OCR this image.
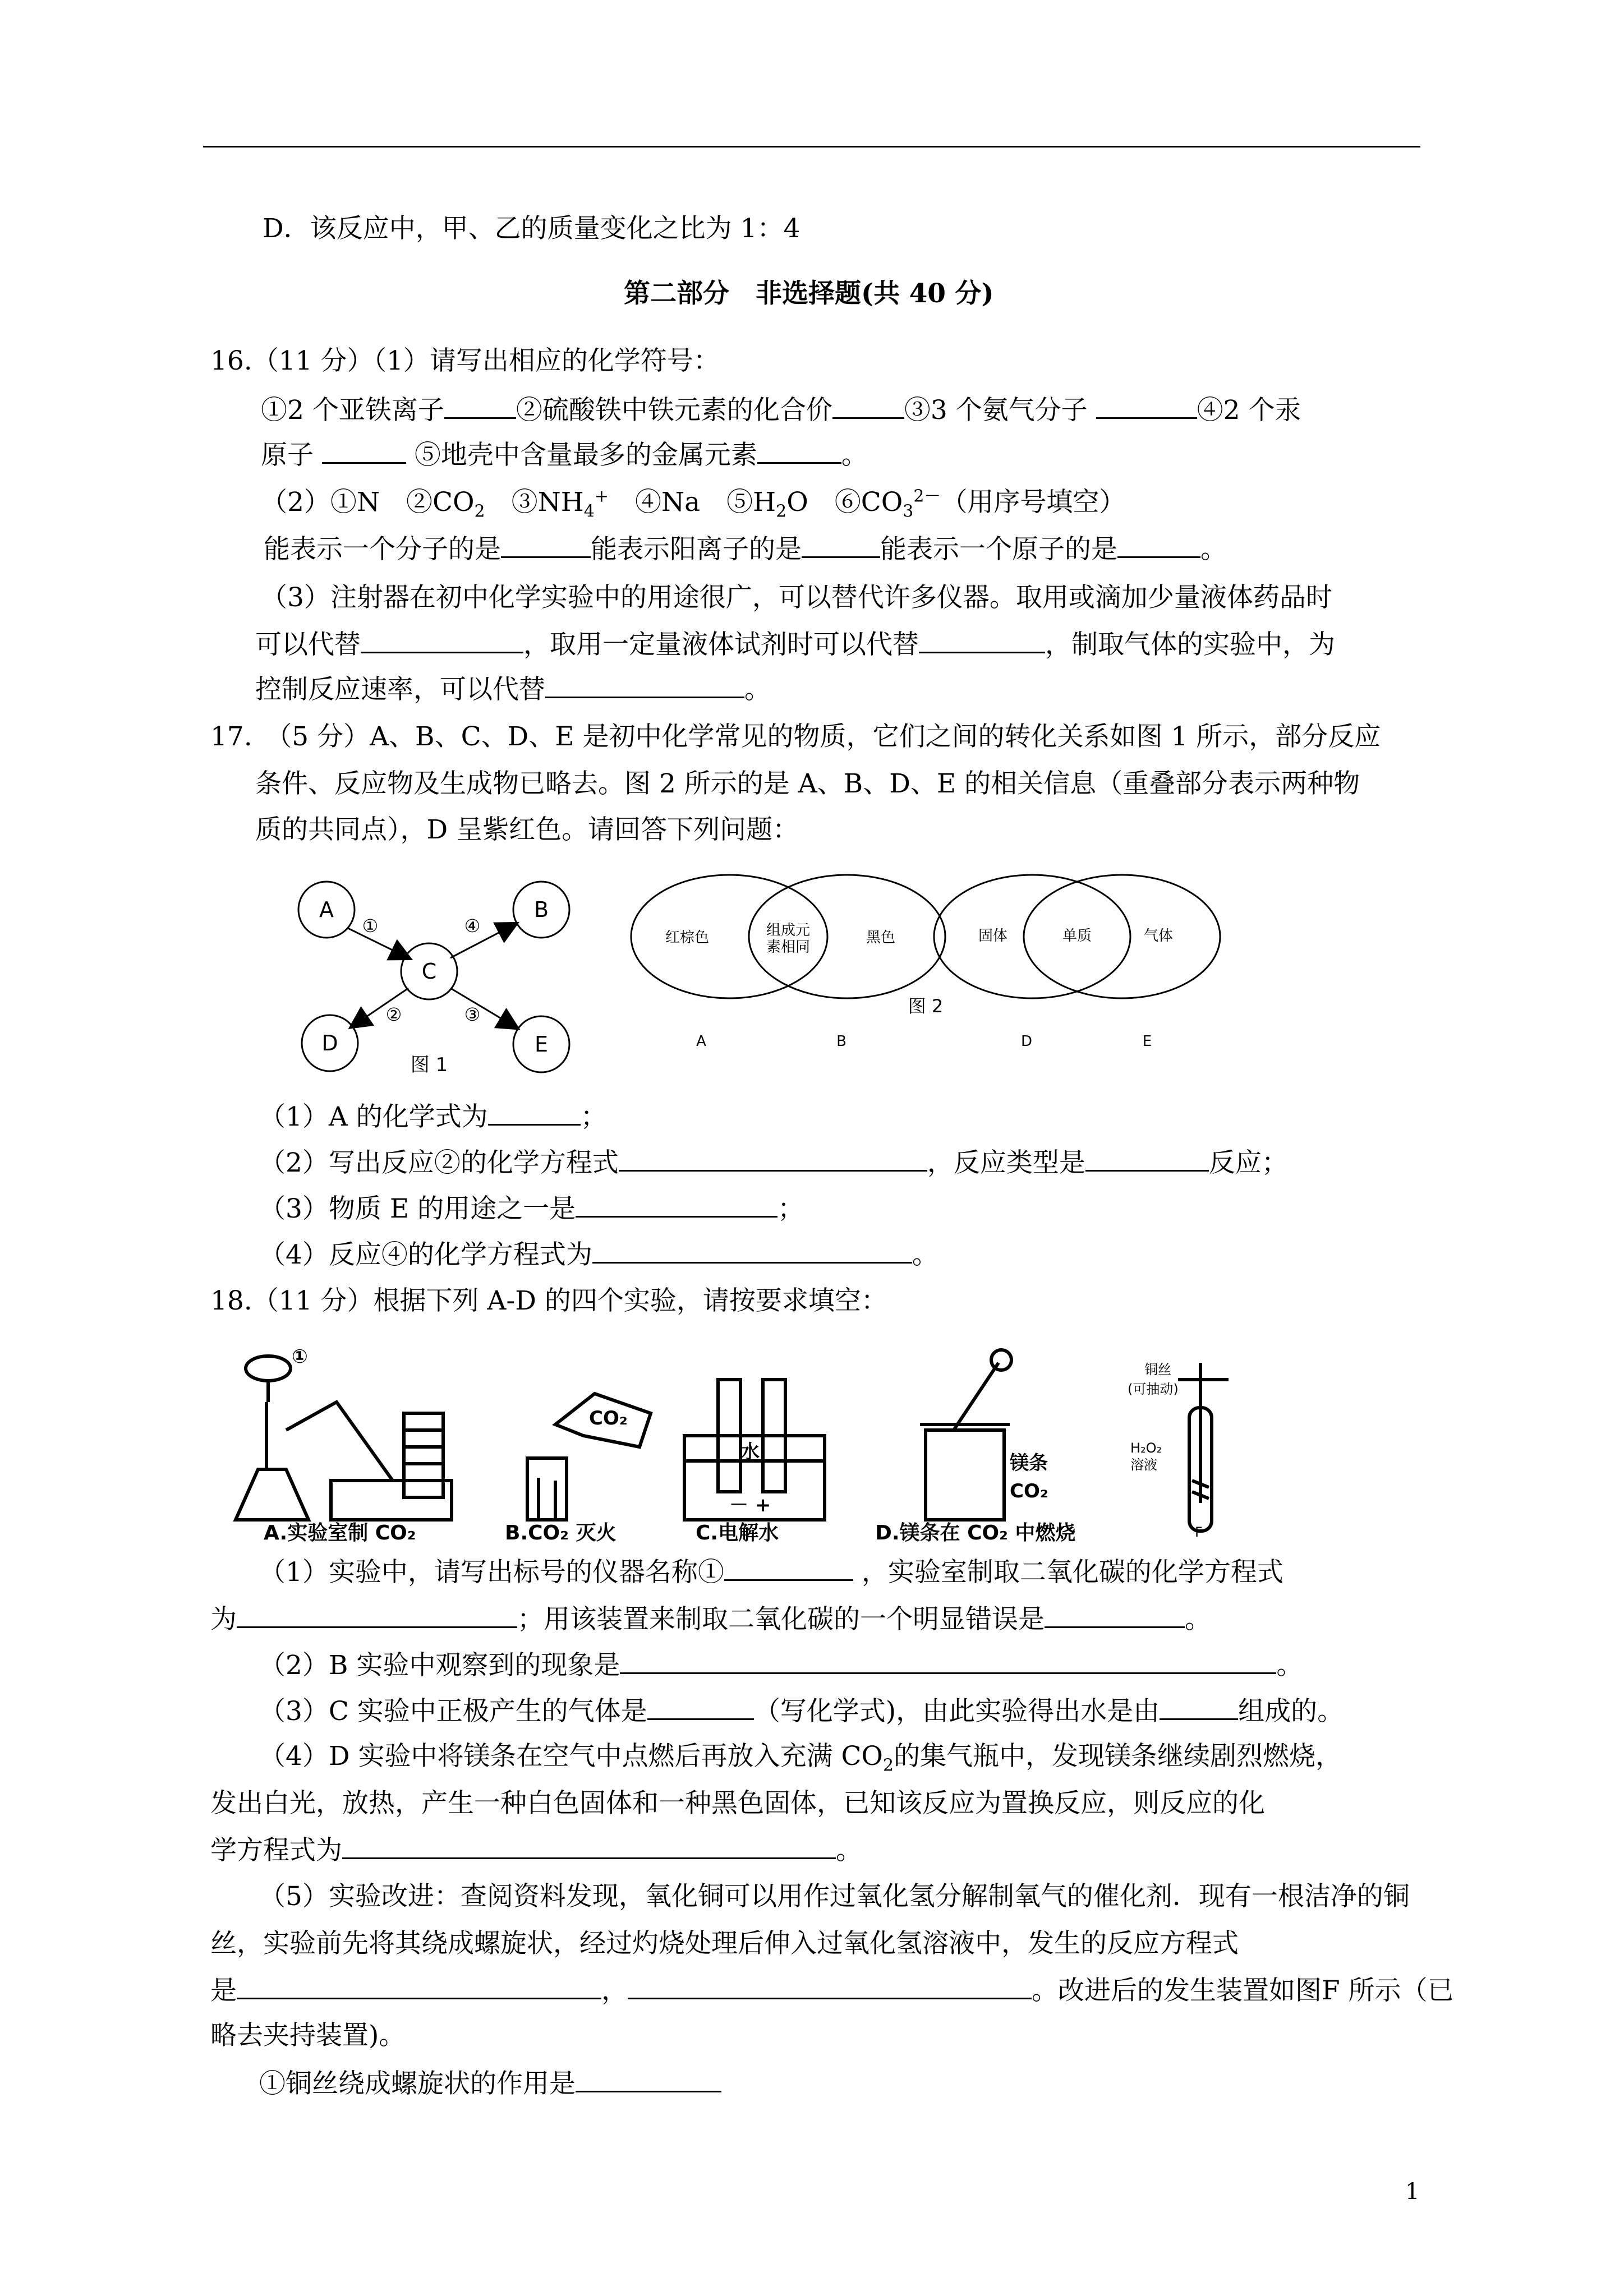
D．该反应中，甲、乙的质量变化之比为 1：4
第二部分　非选择题(共 40 分)
16.（11 分）（1）请写出相应的化学符号：
①2 个亚铁离子	②硫酸铁中铁元素的化合价	③3 个氨气分子	④2 个汞
原子	⑤地壳中含量最多的金属元素	。
（2）①N　$②CO_2$　$③NH_4^+$　④Na　$⑤H_2O$　$⑥CO_3^{2-}$（用序号填空）
能表示一个分子的是	能表示阳离子的是	能表示一个原子的是	。
（3）注射器在初中化学实验中的用途很广，可以替代许多仪器。取用或滴加少量液体药品时
可以代替	，取用一定量液体试剂时可以代替	，制取气体的实验中，为
控制反应速率，可以代替	。
17.　（5 分）A、B、C、D、E 是初中化学常见的物质，它们之间的转化关系如图 1 所示，部分反应
条件、反应物及生成物已略去。图 2 所示的是 A、B、D、E 的相关信息（重叠部分表示两种物
质的共同点），D 呈紫红色。请回答下列问题：
A	B
C
D	E
①	④
②	③
图 1
红棕色	组成元
素相同
黑色	固体	单质	气体
图 2
A	B	D	E
（1）A 的化学式为	；
（2）写出反应②的化学方程式	，反应类型是	反应；
（3）物质 E 的用途之一是	；
（4）反应④的化学方程式为	。
18.（11 分）根据下列 A-D 的四个实验，请按要求填空：
①
CO₂
水
－ +
镁条
CO₂
铜丝
(可抽动)
H₂O₂
溶液
F
A.实验室制 CO₂	B.CO₂ 灭火	C.电解水	D.镁条在 CO₂ 中燃烧
（1）实验中，请写出标号的仪器名称①	，实验室制取二氧化碳的化学方程式
为	；用该装置来制取二氧化碳的一个明显错误是	。
（2）B 实验中观察到的现象是	。
（3）C 实验中正极产生的气体是	（写化学式)，由此实验得出水是由	组成的。
（4）D 实验中将镁条在空气中点燃后再放入充满 $CO_2$的集气瓶中，发现镁条继续剧烈燃烧，
发出白光，放热，产生一种白色固体和一种黑色固体，已知该反应为置换反应，则反应的化
学方程式为	。
（5）实验改进：查阅资料发现，氧化铜可以用作过氧化氢分解制氧气的催化剂．现有一根洁净的铜
丝，实验前先将其绕成螺旋状，经过灼烧处理后伸入过氧化氢溶液中，发生的反应方程式
是	，	。改进后的发生装置如图F 所示（已
略去夹持装置)。
①铜丝绕成螺旋状的作用是
1
